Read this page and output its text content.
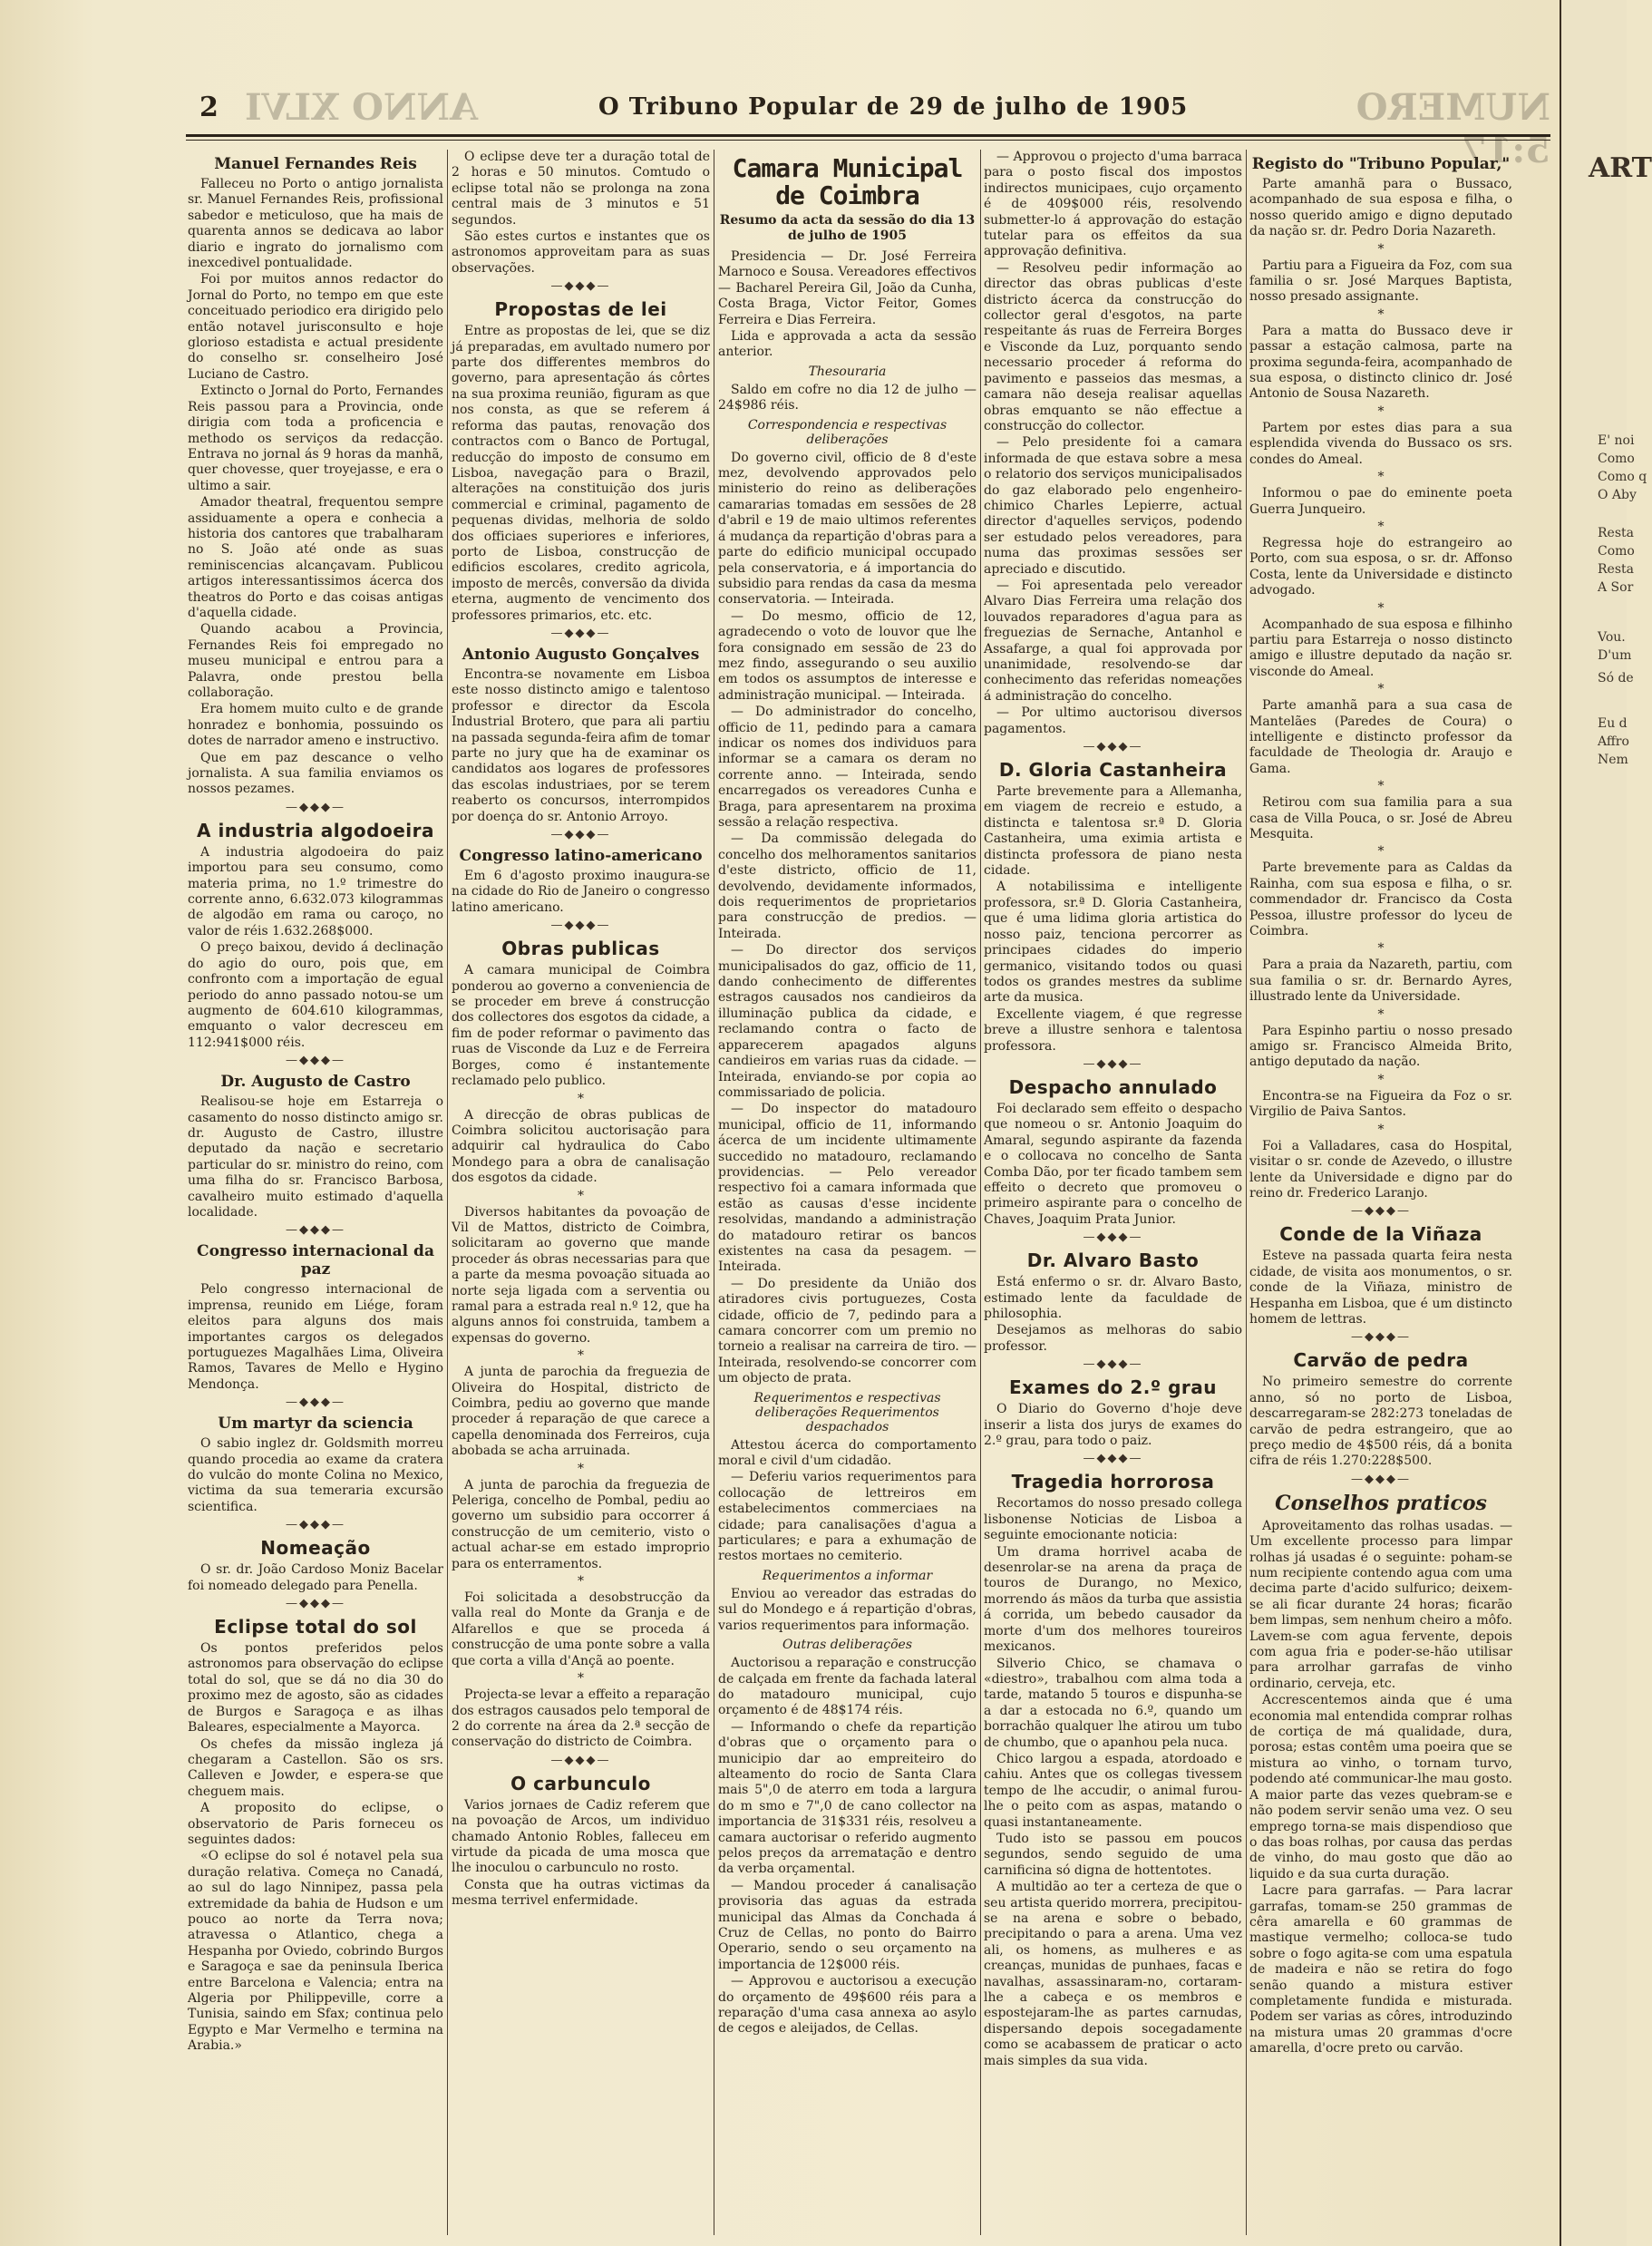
2 ANNO XLVI	O Tribuno Popular de 29 de julho de 1905	NUMERO 5:17
Manuel Fernandes Reis
Falleceu no Porto o antigo jornalista sr. Manuel Fernandes Reis, profissional sabedor e meticuloso, que ha mais de quarenta annos se dedicava ao labor diario e ingrato do jornalismo com inexcedivel pontualidade.
Foi por muitos annos redactor do Jornal do Porto, no tempo em que este conceituado periodico era dirigido pelo então notavel jurisconsulto e hoje glorioso estadista e actual presidente do conselho sr. conselheiro José Luciano de Castro.
Extincto o Jornal do Porto, Fernandes Reis passou para a Provincia, onde dirigia com toda a proficencia e methodo os serviços da redacção. Entrava no jornal ás 9 horas da manhã, quer chovesse, quer troyejasse, e era o ultimo a sair.
Amador theatral, frequentou sempre assiduamente a opera e conhecia a historia dos cantores que trabalharam no S. João até onde as suas reminiscencias alcançavam. Publicou artigos interessantissimos ácerca dos theatros do Porto e das coisas antigas d'aquella cidade.
Quando acabou a Provincia, Fernandes Reis foi empregado no museu municipal e entrou para a Palavra, onde prestou bella collaboração.
Era homem muito culto e de grande honradez e bonhomia, possuindo os dotes de narrador ameno e instructivo.
Que em paz descance o velho jornalista. A sua familia enviamos os nossos pezames.
—◆◆◆—
A industria algodoeira
A industria algodoeira do paiz importou para seu consumo, como materia prima, no 1.º trimestre do corrente anno, 6.632.073 kilogrammas de algodão em rama ou caroço, no valor de réis 1.632.268$000.
O preço baixou, devido á declinação do agio do ouro, pois que, em confronto com a importação de egual periodo do anno passado notou-se um augmento de 604.610 kilogrammas, emquanto o valor decresceu em 112:941$000 réis.
—◆◆◆—
Dr. Augusto de Castro
Realisou-se hoje em Estarreja o casamento do nosso distincto amigo sr. dr. Augusto de Castro, illustre deputado da nação e secretario particular do sr. ministro do reino, com uma filha do sr. Francisco Barbosa, cavalheiro muito estimado d'aquella localidade.
—◆◆◆—
Congresso internacional da paz
Pelo congresso internacional de imprensa, reunido em Liége, foram eleitos para alguns dos mais importantes cargos os delegados portuguezes Magalhães Lima, Oliveira Ramos, Tavares de Mello e Hygino Mendonça.
—◆◆◆—
Um martyr da sciencia
O sabio inglez dr. Goldsmith morreu quando procedia ao exame da cratera do vulcão do monte Colina no Mexico, victima da sua temeraria excursão scientifica.
—◆◆◆—
Nomeação
O sr. dr. João Cardoso Moniz Bacelar foi nomeado delegado para Penella.
—◆◆◆—
Eclipse total do sol
Os pontos preferidos pelos astronomos para observação do eclipse total do sol, que se dá no dia 30 do proximo mez de agosto, são as cidades de Burgos e Saragoça e as ilhas Baleares, especialmente a Mayorca.
Os chefes da missão ingleza já chegaram a Castellon. São os srs. Calleven e Jowder, e espera-se que cheguem mais.
A proposito do eclipse, o observatorio de Paris forneceu os seguintes dados:
«O eclipse do sol é notavel pela sua duração relativa. Começa no Canadá, ao sul do lago Ninnipez, passa pela extremidade da bahia de Hudson e um pouco ao norte da Terra nova; atravessa o Atlantico, chega a Hespanha por Oviedo, cobrindo Burgos e Saragoça e sae da peninsula Iberica entre Barcelona e Valencia; entra na Algeria por Philippeville, corre a Tunisia, saindo em Sfax; continua pelo Egypto e Mar Vermelho e termina na Arabia.»
O eclipse deve ter a duração total de 2 horas e 50 minutos. Comtudo o eclipse total não se prolonga na zona central mais de 3 minutos e 51 segundos.
São estes curtos e instantes que os astronomos approveitam para as suas observações.
—◆◆◆—
Propostas de lei
Entre as propostas de lei, que se diz já preparadas, em avultado numero por parte dos differentes membros do governo, para apresentação ás côrtes na sua proxima reunião, figuram as que nos consta, as que se referem á reforma das pautas, renovação dos contractos com o Banco de Portugal, reducção do imposto de consumo em Lisboa, navegação para o Brazil, alterações na constituição dos juris commercial e criminal, pagamento de pequenas dividas, melhoria de soldo dos officiaes superiores e inferiores, porto de Lisboa, construcção de edificios escolares, credito agricola, imposto de mercês, conversão da divida eterna, augmento de vencimento dos professores primarios, etc. etc.
—◆◆◆—
Antonio Augusto Gonçalves
Encontra-se novamente em Lisboa este nosso distincto amigo e talentoso professor e director da Escola Industrial Brotero, que para ali partiu na passada segunda-feira afim de tomar parte no jury que ha de examinar os candidatos aos logares de professores das escolas industriaes, por se terem reaberto os concursos, interrompidos por doença do sr. Antonio Arroyo.
—◆◆◆—
Congresso latino-americano
Em 6 d'agosto proximo inaugura-se na cidade do Rio de Janeiro o congresso latino americano.
—◆◆◆—
Obras publicas
A camara municipal de Coimbra ponderou ao governo a conveniencia de se proceder em breve á construcção dos collectores dos esgotos da cidade, a fim de poder reformar o pavimento das ruas de Visconde da Luz e de Ferreira Borges, como é instantemente reclamado pelo publico.
*
A direcção de obras publicas de Coimbra solicitou auctorisação para adquirir cal hydraulica do Cabo Mondego para a obra de canalisação dos esgotos da cidade.
*
Diversos habitantes da povoação de Vil de Mattos, districto de Coimbra, solicitaram ao governo que mande proceder ás obras necessarias para que a parte da mesma povoação situada ao norte seja ligada com a serventia ou ramal para a estrada real n.º 12, que ha alguns annos foi construida, tambem a expensas do governo.
*
A junta de parochia da freguezia de Oliveira do Hospital, districto de Coimbra, pediu ao governo que mande proceder á reparação de que carece a capella denominada dos Ferreiros, cuja abobada se acha arruinada.
*
A junta de parochia da freguezia de Peleriga, concelho de Pombal, pediu ao governo um subsidio para occorrer á construcção de um cemiterio, visto o actual achar-se em estado improprio para os enterramentos.
*
Foi solicitada a desobstrucção da valla real do Monte da Granja e de Alfarellos e que se proceda á construcção de uma ponte sobre a valla que corta a villa d'Ançã ao poente.
*
Projecta-se levar a effeito a reparação dos estragos causados pelo temporal de 2 do corrente na área da 2.ª secção de conservação do districto de Coimbra.
—◆◆◆—
O carbunculo
Varios jornaes de Cadiz referem que na povoação de Arcos, um individuo chamado Antonio Robles, falleceu em virtude da picada de uma mosca que lhe inoculou o carbunculo no rosto.
Consta que ha outras victimas da mesma terrivel enfermidade.
Camara Municipal de Coimbra
Resumo da acta da sessão do dia 13 de julho de 1905
Presidencia — Dr. José Ferreira Marnoco e Sousa. Vereadores effectivos — Bacharel Pereira Gil, João da Cunha, Costa Braga, Victor Feitor, Gomes Ferreira e Dias Ferreira.
Lida e approvada a acta da sessão anterior.
Thesouraria
Saldo em cofre no dia 12 de julho — 24$986 réis.
Correspondencia e respectivas deliberações
Do governo civil, officio de 8 d'este mez, devolvendo approvados pelo ministerio do reino as deliberações camararias tomadas em sessões de 28 d'abril e 19 de maio ultimos referentes á mudança da repartição d'obras para a parte do edificio municipal occupado pela conservatoria, e á importancia do subsidio para rendas da casa da mesma conservatoria. — Inteirada.
— Do mesmo, officio de 12, agradecendo o voto de louvor que lhe fora consignado em sessão de 23 do mez findo, assegurando o seu auxilio em todos os assumptos de interesse e administração municipal. — Inteirada.
— Do administrador do concelho, officio de 11, pedindo para a camara indicar os nomes dos individuos para informar se a camara os deram no corrente anno. — Inteirada, sendo encarregados os vereadores Cunha e Braga, para apresentarem na proxima sessão a relação respectiva.
— Da commissão delegada do concelho dos melhoramentos sanitarios d'este districto, officio de 11, devolvendo, devidamente informados, dois requerimentos de proprietarios para construcção de predios. — Inteirada.
— Do director dos serviços municipalisados do gaz, officio de 11, dando conhecimento de differentes estragos causados nos candieiros da illuminação publica da cidade, e reclamando contra o facto de apparecerem apagados alguns candieiros em varias ruas da cidade. — Inteirada, enviando-se por copia ao commissariado de policia.
— Do inspector do matadouro municipal, officio de 11, informando ácerca de um incidente ultimamente succedido no matadouro, reclamando providencias. — Pelo vereador respectivo foi a camara informada que estão as causas d'esse incidente resolvidas, mandando a administração do matadouro retirar os bancos existentes na casa da pesagem. — Inteirada.
— Do presidente da União dos atiradores civis portuguezes, Costa cidade, officio de 7, pedindo para a camara concorrer com um premio no torneio a realisar na carreira de tiro. — Inteirada, resolvendo-se concorrer com um objecto de prata.
Requerimentos e respectivas deliberações Requerimentos despachados
Attestou ácerca do comportamento moral e civil d'um cidadão.
— Deferiu varios requerimentos para collocação de lettreiros em estabelecimentos commerciaes na cidade; para canalisações d'agua a particulares; e para a exhumação de restos mortaes no cemiterio.
Requerimentos a informar
Enviou ao vereador das estradas do sul do Mondego e á repartição d'obras, varios requerimentos para informação.
Outras deliberações
Auctorisou a reparação e construcção de calçada em frente da fachada lateral do matadouro municipal, cujo orçamento é de 48$174 réis.
— Informando o chefe da repartição d'obras que o orçamento para o municipio dar ao empreiteiro do alteamento do rocio de Santa Clara mais 5",0 de aterro em toda a largura do m smo e 7",0 de cano collector na importancia de 31$331 réis, resolveu a camara auctorisar o referido augmento pelos preços da arrematação e dentro da verba orçamental.
— Mandou proceder á canalisação provisoria das aguas da estrada municipal das Almas da Conchada á Cruz de Cellas, no ponto do Bairro Operario, sendo o seu orçamento na importancia de 12$000 réis.
— Approvou e auctorisou a execução do orçamento de 49$600 réis para a reparação d'uma casa annexa ao asylo de cegos e aleijados, de Cellas.
— Approvou o projecto d'uma barraca para o posto fiscal dos impostos indirectos municipaes, cujo orçamento é de 409$000 réis, resolvendo submetter-lo á approvação do estação tutelar para os effeitos da sua approvação definitiva.
— Resolveu pedir informação ao director das obras publicas d'este districto ácerca da construcção do collector geral d'esgotos, na parte respeitante ás ruas de Ferreira Borges e Visconde da Luz, porquanto sendo necessario proceder á reforma do pavimento e passeios das mesmas, a camara não deseja realisar aquellas obras emquanto se não effectue a construcção do collector.
— Pelo presidente foi a camara informada de que estava sobre a mesa o relatorio dos serviços municipalisados do gaz elaborado pelo engenheiro-chimico Charles Lepierre, actual director d'aquelles serviços, podendo ser estudado pelos vereadores, para numa das proximas sessões ser apreciado e discutido.
— Foi apresentada pelo vereador Alvaro Dias Ferreira uma relação dos louvados reparadores d'agua para as freguezias de Sernache, Antanhol e Assafarge, a qual foi approvada por unanimidade, resolvendo-se dar conhecimento das referidas nomeações á administração do concelho.
— Por ultimo auctorisou diversos pagamentos.
—◆◆◆—
D. Gloria Castanheira
Parte brevemente para a Allemanha, em viagem de recreio e estudo, a distincta e talentosa sr.ª D. Gloria Castanheira, uma eximia artista e distincta professora de piano nesta cidade.
A notabilissima e intelligente professora, sr.ª D. Gloria Castanheira, que é uma lidima gloria artistica do nosso paiz, tenciona percorrer as principaes cidades do imperio germanico, visitando todos ou quasi todos os grandes mestres da sublime arte da musica.
Excellente viagem, é que regresse breve a illustre senhora e talentosa professora.
—◆◆◆—
Despacho annulado
Foi declarado sem effeito o despacho que nomeou o sr. Antonio Joaquim do Amaral, segundo aspirante da fazenda e o collocava no concelho de Santa Comba Dão, por ter ficado tambem sem effeito o decreto que promoveu o primeiro aspirante para o concelho de Chaves, Joaquim Prata Junior.
—◆◆◆—
Dr. Alvaro Basto
Está enfermo o sr. dr. Alvaro Basto, estimado lente da faculdade de philosophia.
Desejamos as melhoras do sabio professor.
—◆◆◆—
Exames do 2.º grau
O Diario do Governo d'hoje deve inserir a lista dos jurys de exames do 2.º grau, para todo o paiz.
—◆◆◆—
Tragedia horrorosa
Recortamos do nosso presado collega lisbonense Noticias de Lisboa a seguinte emocionante noticia:
Um drama horrivel acaba de desenrolar-se na arena da praça de touros de Durango, no Mexico, morrendo ás mãos da turba que assistia á corrida, um bebedo causador da morte d'um dos melhores toureiros mexicanos.
Silverio Chico, se chamava o «diestro», trabalhou com alma toda a tarde, matando 5 touros e dispunha-se a dar a estocada no 6.º, quando um borrachão qualquer lhe atirou um tubo de chumbo, que o apanhou pela nuca.
Chico largou a espada, atordoado e cahiu. Antes que os collegas tivessem tempo de lhe accudir, o animal furou-lhe o peito com as aspas, matando o quasi instantaneamente.
Tudo isto se passou em poucos segundos, sendo seguido de uma carnificina só digna de hottentotes.
A multidão ao ter a certeza de que o seu artista querido morrera, precipitou-se na arena e sobre o bebado, precipitando o para a arena. Uma vez ali, os homens, as mulheres e as creanças, munidas de punhaes, facas e navalhas, assassinaram-no, cortaram-lhe a cabeça e os membros e espostejaram-lhe as partes carnudas, dispersando depois socegadamente como se acabassem de praticar o acto mais simples da sua vida.
Registo do "Tribuno Popular,"
Parte amanhã para o Bussaco, acompanhado de sua esposa e filha, o nosso querido amigo e digno deputado da nação sr. dr. Pedro Doria Nazareth.
*
Partiu para a Figueira da Foz, com sua familia o sr. José Marques Baptista, nosso presado assignante.
*
Para a matta do Bussaco deve ir passar a estação calmosa, parte na proxima segunda-feira, acompanhado de sua esposa, o distincto clinico dr. José Antonio de Sousa Nazareth.
*
Partem por estes dias para a sua esplendida vivenda do Bussaco os srs. condes do Ameal.
*
Informou o pae do eminente poeta Guerra Junqueiro.
*
Regressa hoje do estrangeiro ao Porto, com sua esposa, o sr. dr. Affonso Costa, lente da Universidade e distincto advogado.
*
Acompanhado de sua esposa e filhinho partiu para Estarreja o nosso distincto amigo e illustre deputado da nação sr. visconde do Ameal.
*
Parte amanhã para a sua casa de Mantelães (Paredes de Coura) o intelligente e distincto professor da faculdade de Theologia dr. Araujo e Gama.
*
Retirou com sua familia para a sua casa de Villa Pouca, o sr. José de Abreu Mesquita.
*
Parte brevemente para as Caldas da Rainha, com sua esposa e filha, o sr. commendador dr. Francisco da Costa Pessoa, illustre professor do lyceu de Coimbra.
*
Para a praia da Nazareth, partiu, com sua familia o sr. dr. Bernardo Ayres, illustrado lente da Universidade.
*
Para Espinho partiu o nosso presado amigo sr. Francisco Almeida Brito, antigo deputado da nação.
*
Encontra-se na Figueira da Foz o sr. Virgilio de Paiva Santos.
*
Foi a Valladares, casa do Hospital, visitar o sr. conde de Azevedo, o illustre lente da Universidade e digno par do reino dr. Frederico Laranjo.
—◆◆◆—
Conde de la Viñaza
Esteve na passada quarta feira nesta cidade, de visita aos monumentos, o sr. conde de la Viñaza, ministro de Hespanha em Lisboa, que é um distincto homem de lettras.
—◆◆◆—
Carvão de pedra
No primeiro semestre do corrente anno, só no porto de Lisboa, descarregaram-se 282:273 toneladas de carvão de pedra estrangeiro, que ao preço medio de 4$500 réis, dá a bonita cifra de réis 1.270:228$500.
—◆◆◆—
Conselhos praticos
Aproveitamento das rolhas usadas. — Um excellente processo para limpar rolhas já usadas é o seguinte: poham-se num recipiente contendo agua com uma decima parte d'acido sulfurico; deixem-se ali ficar durante 24 horas; ficarão bem limpas, sem nenhum cheiro a môfo. Lavem-se com agua fervente, depois com agua fria e poder-se-hão utilisar para arrolhar garrafas de vinho ordinario, cerveja, etc.
Accrescentemos ainda que é uma economia mal entendida comprar rolhas de cortiça de má qualidade, dura, porosa; estas contêm uma poeira que se mistura ao vinho, o tornam turvo, podendo até communicar-lhe mau gosto. A maior parte das vezes quebram-se e não podem servir senão uma vez. O seu emprego torna-se mais dispendioso que o das boas rolhas, por causa das perdas de vinho, do mau gosto que dão ao liquido e da sua curta duração.
Lacre para garrafas. — Para lacrar garrafas, tomam-se 250 grammas de cêra amarella e 60 grammas de mastique vermelho; colloca-se tudo sobre o fogo agita-se com uma espatula de madeira e não se retira do fogo senão quando a mistura estiver completamente fundida e misturada. Podem ser varias as côres, introduzindo na mistura umas 20 grammas d'ocre amarella, d'ocre preto ou carvão.
ART
E' noi
Como
Como q
O Aby
Resta
Como
Resta
A Sor
Vou.
D'um
Só de
Eu d
Affro
Nem
